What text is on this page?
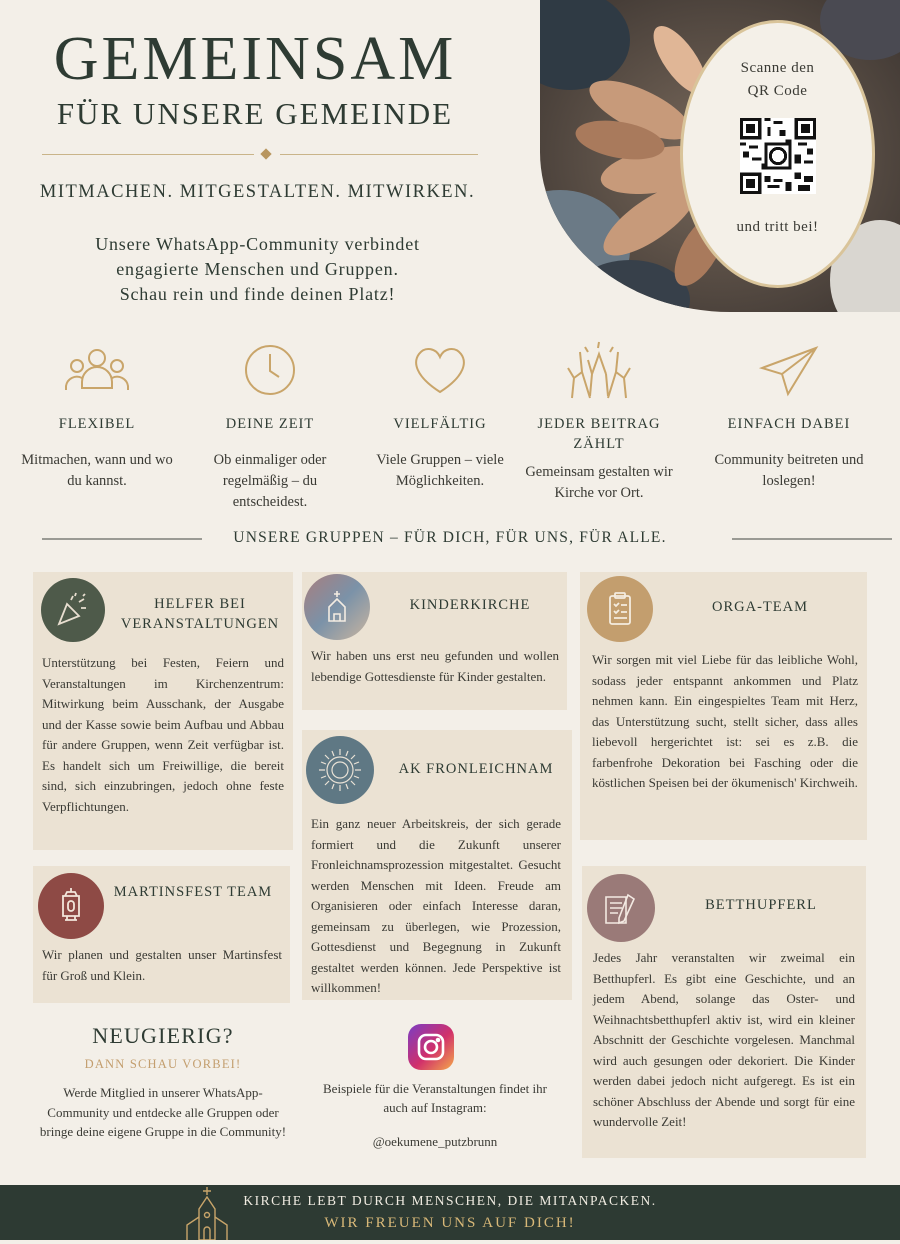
GEMEINSAM
FÜR UNSERE GEMEINDE
MITMACHEN. MITGESTALTEN. MITWIRKEN.
Unsere WhatsApp-Community verbindet
engagierte Menschen und Gruppen.
Schau rein und finde deinen Platz!
Scanne den
QR Code
und tritt bei!
FLEXIBEL
Mitmachen, wann und wo du kannst.
DEINE ZEIT
Ob einmaliger oder regelmäßig – du entscheidest.
VIELFÄLTIG
Viele Gruppen – viele Möglichkeiten.
JEDER BEITRAG ZÄHLT
Gemeinsam gestalten wir Kirche vor Ort.
EINFACH DABEI
Community beitreten und loslegen!
UNSERE GRUPPEN – FÜR DICH, FÜR UNS, FÜR ALLE.
HELFER BEI VERANSTALTUNGEN
Unterstützung bei Festen, Feiern und Veranstaltungen im Kirchenzentrum: Mitwirkung beim Ausschank, der Ausgabe und der Kasse sowie beim Aufbau und Abbau für andere Gruppen, wenn Zeit verfügbar ist. Es handelt sich um Freiwillige, die bereit sind, sich einzubringen, jedoch ohne feste Verpflichtungen.
KINDERKIRCHE
Wir haben uns erst neu gefunden und wollen lebendige Gottesdienste für Kinder gestalten.
ORGA-TEAM
Wir sorgen mit viel Liebe für das leibliche Wohl, sodass jeder entspannt ankommen und Platz nehmen kann. Ein eingespieltes Team mit Herz, das Unterstützung sucht, stellt sicher, dass alles liebevoll hergerichtet ist: sei es z.B. die farbenfrohe Dekoration bei Fasching oder die köstlichen Speisen bei der ökumenisch' Kirchweih.
AK FRONLEICHNAM
Ein ganz neuer Arbeitskreis, der sich gerade formiert und die Zukunft unserer Fronleichnamsprozession mitgestaltet. Gesucht werden Menschen mit Ideen. Freude am Organisieren oder einfach Interesse daran, gemeinsam zu überlegen, wie Prozession, Gottesdienst und Begegnung in Zukunft gestaltet werden können. Jede Perspektive ist willkommen!
MARTINSFEST TEAM
Wir planen und gestalten unser Martinsfest für Groß und Klein.
BETTHUPFERL
Jedes Jahr veranstalten wir zweimal ein Betthupferl. Es gibt eine Geschichte, und an jedem Abend, solange das Oster- und Weihnachtsbetthupferl aktiv ist, wird ein kleiner Abschnitt der Geschichte vorgelesen. Manchmal wird auch gesungen oder dekoriert. Die Kinder werden dabei jedoch nicht aufgeregt. Es ist ein schöner Abschluss der Abende und sorgt für eine wundervolle Zeit!
NEUGIERIG?
DANN SCHAU VORBEI!
Werde Mitglied in unserer WhatsApp-Community und entdecke alle Gruppen oder bringe deine eigene Gruppe in die Community!
Beispiele für die Veranstaltungen findet ihr auch auf Instagram:
@oekumene_putzbrunn
KIRCHE LEBT DURCH MENSCHEN, DIE MITANPACKEN.
WIR FREUEN UNS AUF DICH!
